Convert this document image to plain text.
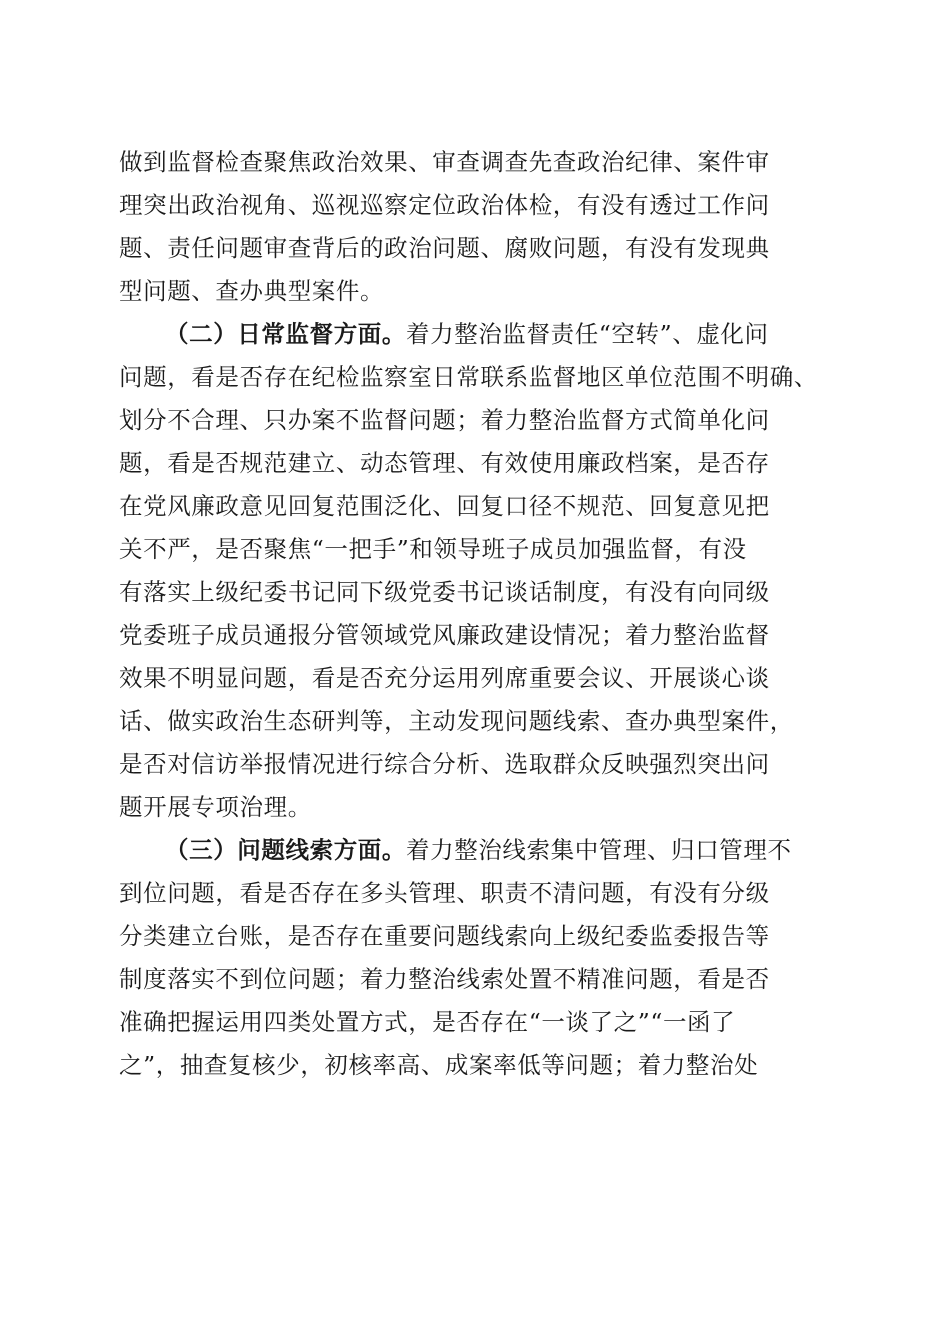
做到监督检查聚焦政治效果、审查调查先查政治纪律、案件审
理突出政治视角、巡视巡察定位政治体检，有没有透过工作问
题、责任问题审查背后的政治问题、腐败问题，有没有发现典
型问题、查办典型案件。
（二）日常监督方面。着力整治监督责任“空转”、虚化问
问题，看是否存在纪检监察室日常联系监督地区单位范围不明确、
划分不合理、只办案不监督问题；着力整治监督方式简单化问
题，看是否规范建立、动态管理、有效使用廉政档案，是否存
在党风廉政意见回复范围泛化、回复口径不规范、回复意见把
关不严，是否聚焦“一把手”和领导班子成员加强监督，有没
有落实上级纪委书记同下级党委书记谈话制度，有没有向同级
党委班子成员通报分管领域党风廉政建设情况；着力整治监督
效果不明显问题，看是否充分运用列席重要会议、开展谈心谈
话、做实政治生态研判等，主动发现问题线索、查办典型案件，
是否对信访举报情况进行综合分析、选取群众反映强烈突出问
题开展专项治理。
（三）问题线索方面。着力整治线索集中管理、归口管理不
到位问题，看是否存在多头管理、职责不清问题，有没有分级
分类建立台账，是否存在重要问题线索向上级纪委监委报告等
制度落实不到位问题；着力整治线索处置不精准问题，看是否
准确把握运用四类处置方式，是否存在“一谈了之”“一函了
之”，抽查复核少，初核率高、成案率低等问题；着力整治处
